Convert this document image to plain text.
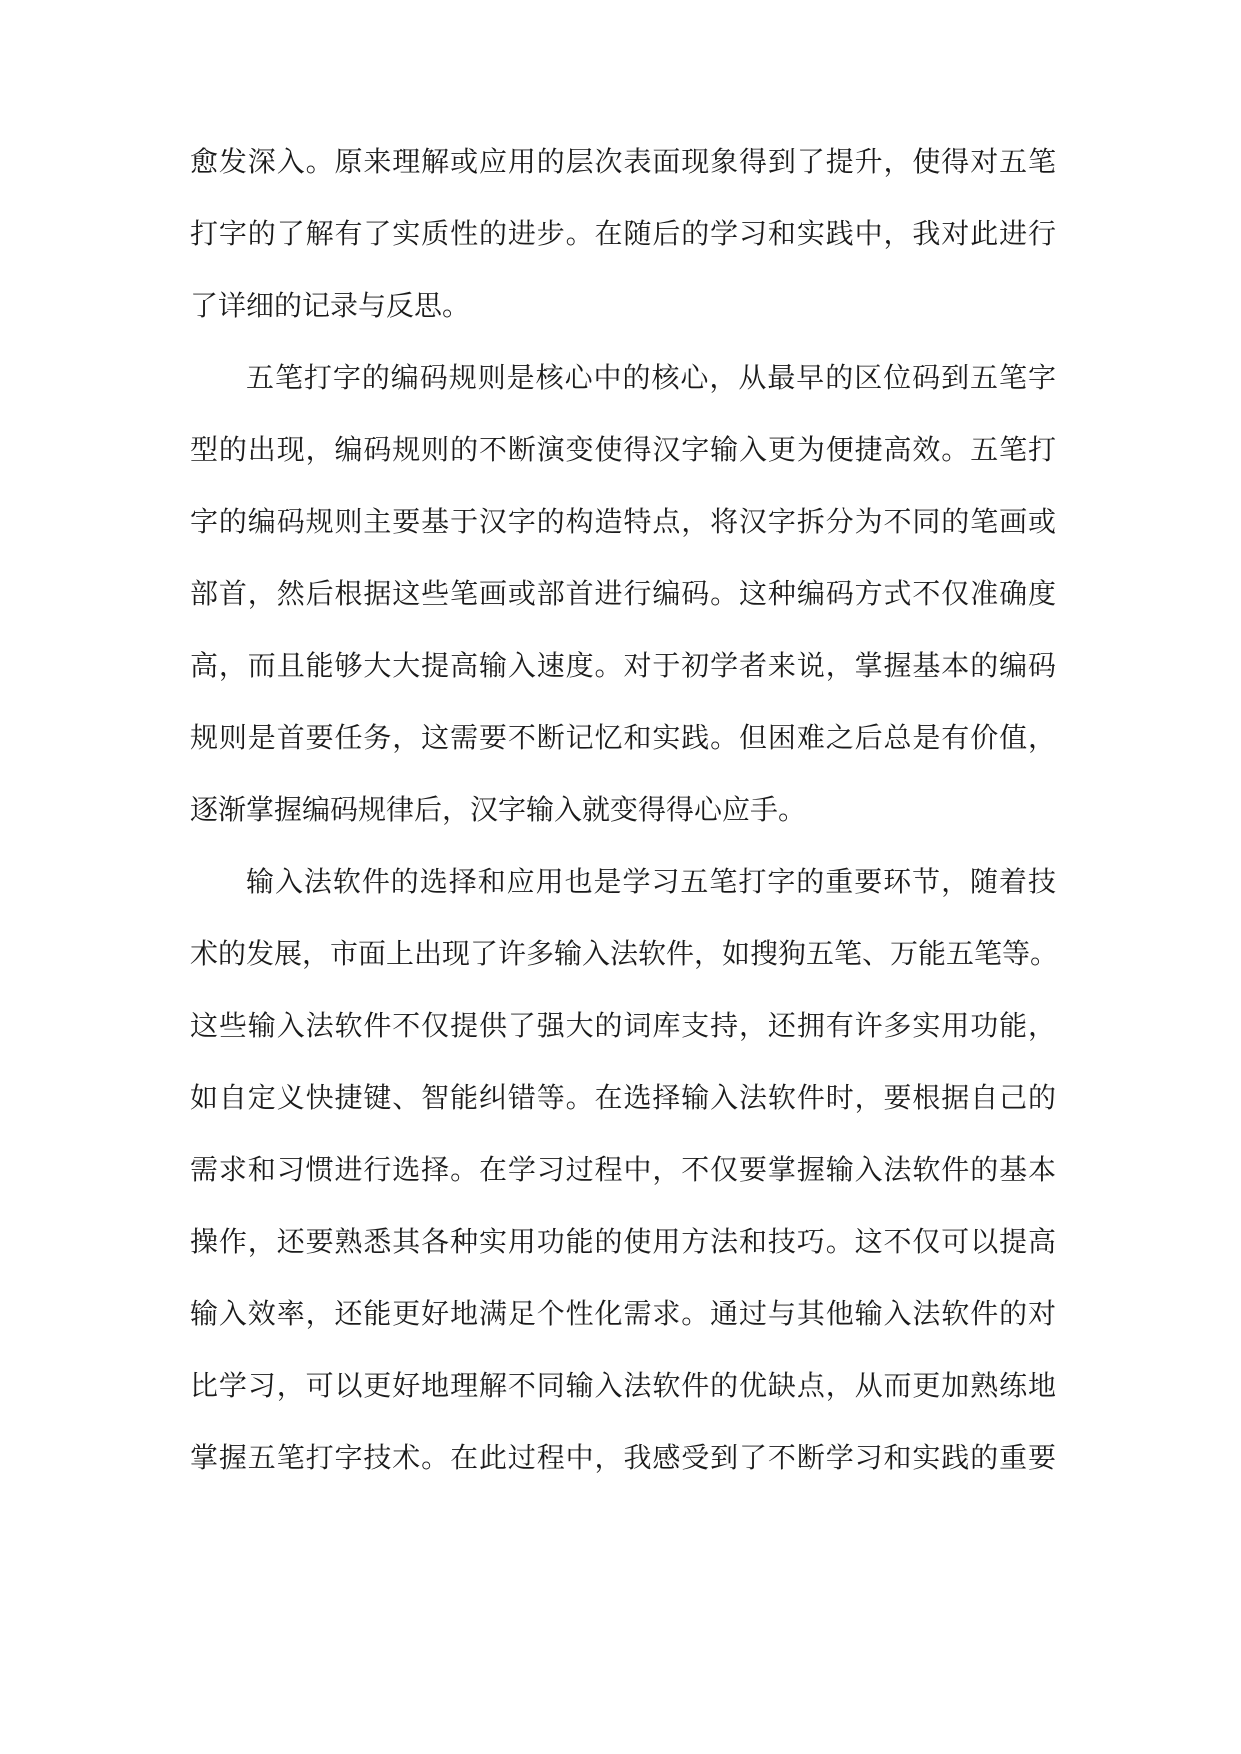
愈发深入。原来理解或应用的层次表面现象得到了提升，使得对五笔
打字的了解有了实质性的进步。在随后的学习和实践中，我对此进行
了详细的记录与反思。
五笔打字的编码规则是核心中的核心，从最早的区位码到五笔字
型的出现，编码规则的不断演变使得汉字输入更为便捷高效。五笔打
字的编码规则主要基于汉字的构造特点，将汉字拆分为不同的笔画或
部首，然后根据这些笔画或部首进行编码。这种编码方式不仅准确度
高，而且能够大大提高输入速度。对于初学者来说，掌握基本的编码
规则是首要任务，这需要不断记忆和实践。但困难之后总是有价值，
逐渐掌握编码规律后，汉字输入就变得得心应手。
输入法软件的选择和应用也是学习五笔打字的重要环节，随着技
术的发展，市面上出现了许多输入法软件，如搜狗五笔、万能五笔等。
这些输入法软件不仅提供了强大的词库支持，还拥有许多实用功能，
如自定义快捷键、智能纠错等。在选择输入法软件时，要根据自己的
需求和习惯进行选择。在学习过程中，不仅要掌握输入法软件的基本
操作，还要熟悉其各种实用功能的使用方法和技巧。这不仅可以提高
输入效率，还能更好地满足个性化需求。通过与其他输入法软件的对
比学习，可以更好地理解不同输入法软件的优缺点，从而更加熟练地
掌握五笔打字技术。在此过程中，我感受到了不断学习和实践的重要
